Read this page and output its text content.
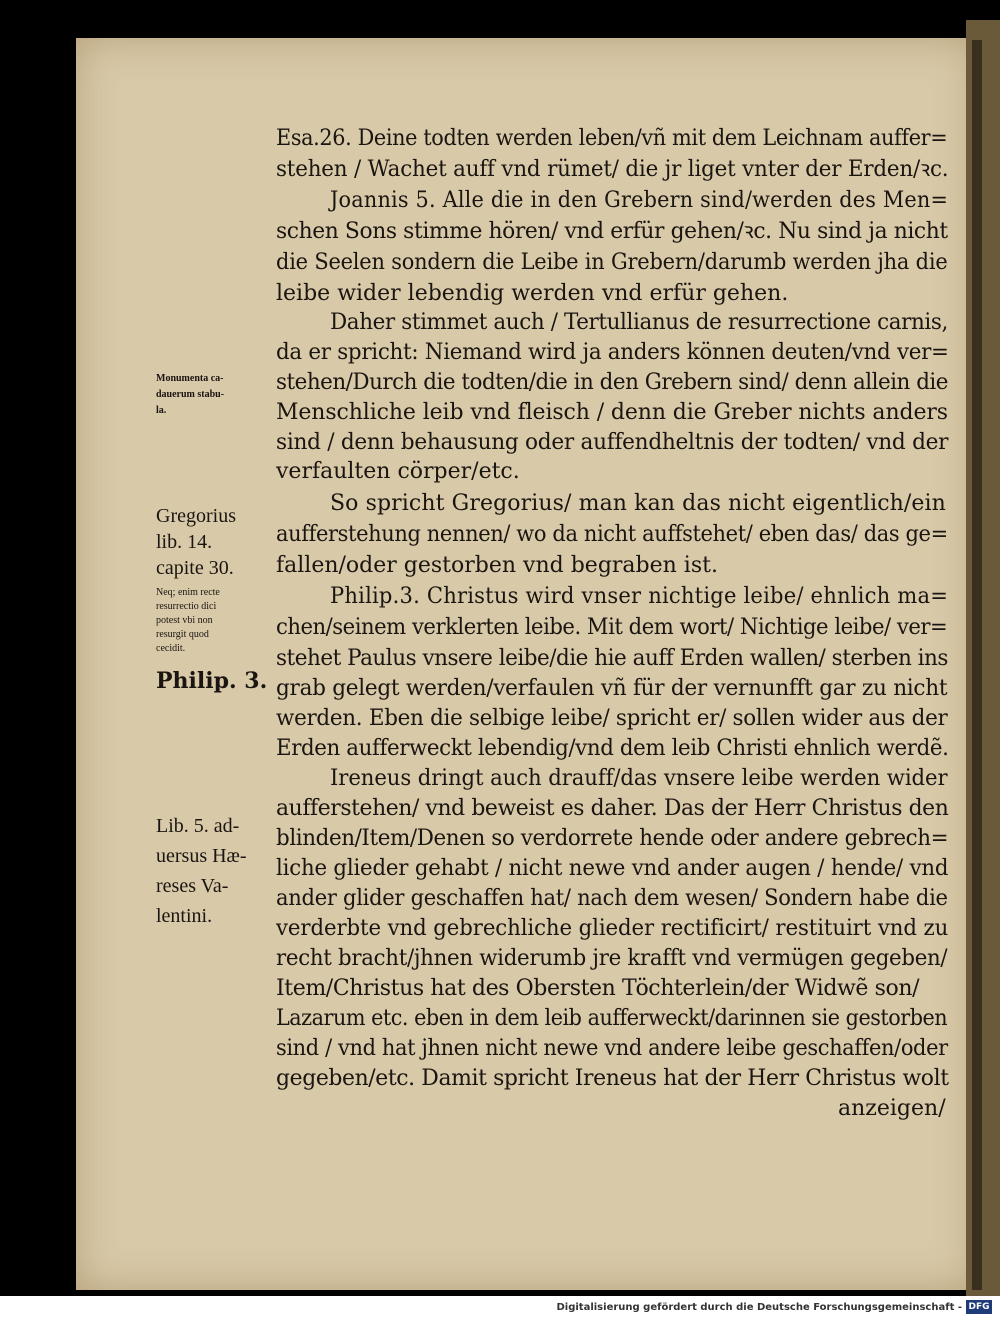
Esa.26. Deine todten werden leben/vñ mit dem Leichnam auffer=
stehen / Wachet auff vnd rümet/ die jr liget vnter der Erden/ꝛc.
Joannis 5. Alle die in den Grebern sind/werden des Men=
schen Sons stimme hören/ vnd erfür gehen/ꝛc. Nu sind ja nicht
die Seelen sondern die Leibe in Grebern/darumb werden jha die
leibe wider lebendig werden vnd erfür gehen.
Daher stimmet auch / Tertullianus de resurrectione carnis,
da er spricht: Niemand wird ja anders können deuten/vnd ver=
stehen/Durch die todten/die in den Grebern sind/ denn allein die
Menschliche leib vnd fleisch / denn die Greber nichts anders
sind / denn behausung oder auffendheltnis der todten/ vnd der
verfaulten cörper/etc.
So spricht Gregorius/ man kan das nicht eigentlich/ein
aufferstehung nennen/ wo da nicht auffstehet/ eben das/ das ge=
fallen/oder gestorben vnd begraben ist.
Philip.3. Christus wird vnser nichtige leibe/ ehnlich ma=
chen/seinem verklerten leibe. Mit dem wort/ Nichtige leibe/ ver=
stehet Paulus vnsere leibe/die hie auff Erden wallen/ sterben ins
grab gelegt werden/verfaulen vñ für der vernunfft gar zu nicht
werden. Eben die selbige leibe/ spricht er/ sollen wider aus der
Erden aufferweckt lebendig/vnd dem leib Christi ehnlich werdẽ.
Ireneus dringt auch drauff/das vnsere leibe werden wider
aufferstehen/ vnd beweist es daher. Das der Herr Christus den
blinden/Item/Denen so verdorrete hende oder andere gebrech=
liche glieder gehabt / nicht newe vnd ander augen / hende/ vnd
ander glider geschaffen hat/ nach dem wesen/ Sondern habe die
verderbte vnd gebrechliche glieder rectificirt/ restituirt vnd zu
recht bracht/jhnen widerumb jre krafft vnd vermügen gegeben/
Item/Christus hat des Obersten Töchterlein/der Widwẽ son/
Lazarum etc. eben in dem leib aufferweckt/darinnen sie gestorben
sind / vnd hat jhnen nicht newe vnd andere leibe geschaffen/oder
gegeben/etc. Damit spricht Ireneus hat der Herr Christus wolt
anzeigen/
Monumenta ca-
dauerum stabu-
la.
Gregorius
lib. 14.
capite 30.
Neq; enim recte
resurrectio dici
potest vbi non
resurgit quod
cecidit.
Philip. 3.
Lib. 5. ad-
uersus Hæ-
reses Va-
lentini.
Digitalisierung gefördert durch die Deutsche Forschungsgemeinschaft - DFG
